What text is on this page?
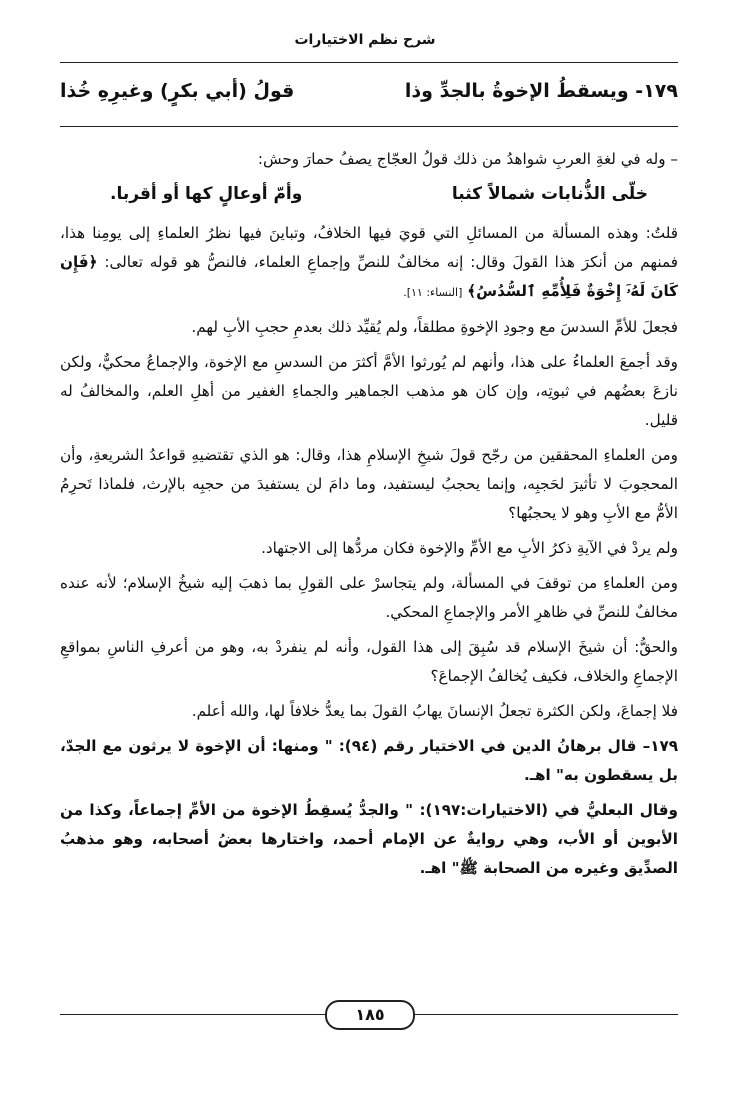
شرح نظم الاختيارات
١٧٩- ويسقطُ الإخوةُ بالجدِّ وذا
قولُ (أبي بكرٍ) وغيرِهِ خُذا

– وله في لغةِ العربِ شواهدُ من ذلك قولُ العجّاج يصفُ حمارَ وحش:

خلّى الذُّنابات شمالاً كثبا
وأمّ أوعالٍ كها أو أقربا.

قلتُ: وهذه المسألة من المسائلِ التي قويَ فيها الخلافُ، وتباينَ فيها نظرُ العلماءِ إلى يومِنا هذا، فمنهم من أنكرَ هذا القولَ وقال: إنه مخالفٌ للنصِّ وإجماعِ العلماء، فالنصُّ هو قوله تعالى: ﴿فَإِن كَانَ لَهُۥٓ إِخْوَةٌ فَلِأُمِّهِ ٱلسُّدُسُ﴾ [النساء: ١١].

فجعلَ للأمِّ السدسَ مع وجودِ الإخوةِ مطلقاً، ولم يُقيِّد ذلك بعدمِ حجبِ الأبِ لهم.

وقد أجمعَ العلماءُ على هذا، وأنهم لم يُورثوا الأمَّ أكثرَ من السدسِ مع الإخوة، والإجماعُ محكيٌّ، ولكن نازعَ بعضُهم في ثبوتِه، وإن كان هو مذهب الجماهير والجماءِ الغفير من أهلِ العلم، والمخالفُ له قليل.

ومن العلماءِ المحققين من رجّح قولَ شيخِ الإسلامِ هذا، وقال: هو الذي تقتضيهِ قواعدُ الشريعةِ، وأن المحجوبَ لا تأثيرَ لحَجبِه، وإنما يحجبُ ليستفيد، وما دامَ لن يستفيدَ من حجبِه بالإرث، فلماذا تَحرِمُ الأمُّ مع الأبِ وهو لا يحجبُها؟

ولم يردْ في الآيةِ ذكرُ الأبِ مع الأمِّ والإخوة فكان مردُّها إلى الاجتهاد.

ومن العلماءِ من توقفَ في المسألة، ولم يتجاسرْ على القولِ بما ذهبَ إليه شيخُ الإسلام؛ لأنه عنده مخالفٌ للنصِّ في ظاهرِ الأمر والإجماعِ المحكي.

والحقُّ: أن شيخَ الإسلام قد سُبِقَ إلى هذا القول، وأنه لم ينفردْ به، وهو من أعرفِ الناسِ بمواقعِ الإجماعِ والخلاف، فكيف يُخالفُ الإجماعَ؟

فلا إجماعَ، ولكن الكثرة تجعلُ الإنسانَ يهابُ القولَ بما يعدُّ خلافاً لها، والله أعلم.

١٧٩– قال برهانُ الدين في الاختيار رقم (٩٤): " ومنها: أن الإخوة لا يرثون مع الجدّ، بل يسقطون به" اهـ.

وقال البعليُّ في (الاختيارات:١٩٧): " والجدُّ يُسقِطُ الإخوة من الأمِّ إجماعاً، وكذا من الأبوين أو الأب، وهي روايةٌ عن الإمام أحمد، واختارها بعضُ أصحابه، وهو مذهبُ الصدِّيق وغيره من الصحابة ﷺ" اهـ.

١٨٥
